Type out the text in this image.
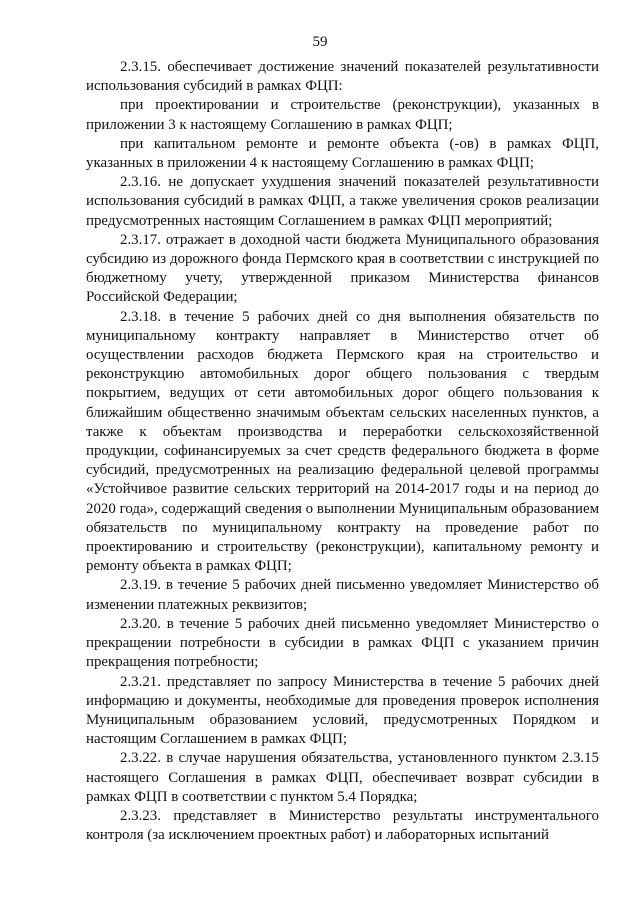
59

2.3.15. обеспечивает достижение значений показателей результативности использования субсидий в рамках ФЦП:

при проектировании и строительстве (реконструкции), указанных в приложении 3 к настоящему Соглашению в рамках ФЦП;

при капитальном ремонте и ремонте объекта (-ов) в рамках ФЦП, указанных в приложении 4 к настоящему Соглашению в рамках ФЦП;

2.3.16. не допускает ухудшения значений показателей результативности использования субсидий в рамках ФЦП, а также увеличения сроков реализации предусмотренных настоящим Соглашением в рамках ФЦП мероприятий;

2.3.17. отражает в доходной части бюджета Муниципального образования субсидию из дорожного фонда Пермского края в соответствии с инструкцией по бюджетному учету, утвержденной приказом Министерства финансов Российской Федерации;

2.3.18. в течение 5 рабочих дней со дня выполнения обязательств по муниципальному контракту направляет в Министерство отчет об осуществлении расходов бюджета Пермского края на строительство и реконструкцию автомобильных дорог общего пользования с твердым покрытием, ведущих от сети автомобильных дорог общего пользования к ближайшим общественно значимым объектам сельских населенных пунктов, а также к объектам производства и переработки сельскохозяйственной продукции, софинансируемых за счет средств федерального бюджета в форме субсидий, предусмотренных на реализацию федеральной целевой программы «Устойчивое развитие сельских территорий на 2014-2017 годы и на период до 2020 года», содержащий сведения о выполнении Муниципальным образованием обязательств по муниципальному контракту на проведение работ по проектированию и строительству (реконструкции), капитальному ремонту и ремонту объекта в рамках ФЦП;

2.3.19. в течение 5 рабочих дней письменно уведомляет Министерство об изменении платежных реквизитов;

2.3.20. в течение 5 рабочих дней письменно уведомляет Министерство о прекращении потребности в субсидии в рамках ФЦП с указанием причин прекращения потребности;

2.3.21. представляет по запросу Министерства в течение 5 рабочих дней информацию и документы, необходимые для проведения проверок исполнения Муниципальным образованием условий, предусмотренных Порядком и настоящим Соглашением в рамках ФЦП;

2.3.22. в случае нарушения обязательства, установленного пунктом 2.3.15 настоящего Соглашения в рамках ФЦП, обеспечивает возврат субсидии в рамках ФЦП в соответствии с пунктом 5.4 Порядка;

2.3.23. представляет в Министерство результаты инструментального контроля (за исключением проектных работ) и лабораторных испытаний
